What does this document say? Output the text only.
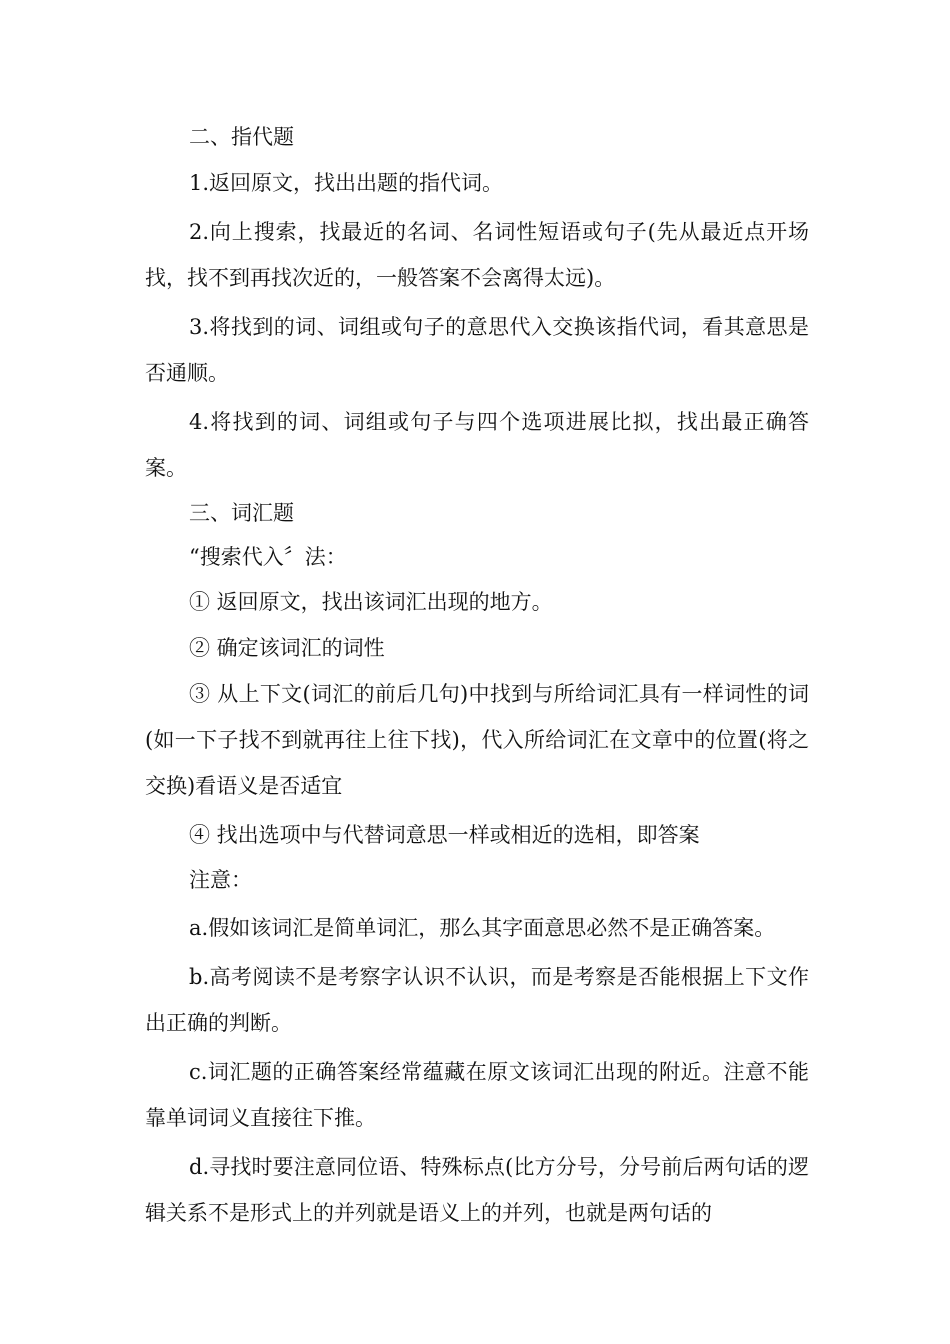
二、指代题

1.返回原文，找出出题的指代词。

2.向上搜索，找最近的名词、名词性短语或句子(先从最近点开场找，找不到再找次近的，一般答案不会离得太远)。

3.将找到的词、词组或句子的意思代入交换该指代词，看其意思是否通顺。

4.将找到的词、词组或句子与四个选项进展比拟，找出最正确答案。

三、词汇题

“搜索代入〞法：

① 返回原文，找出该词汇出现的地方。

② 确定该词汇的词性

③ 从上下文(词汇的前后几句)中找到与所给词汇具有一样词性的词(如一下子找不到就再往上往下找)，代入所给词汇在文章中的位置(将之交换)看语义是否适宜

④ 找出选项中与代替词意思一样或相近的选相，即答案

注意：

a.假如该词汇是简单词汇，那么其字面意思必然不是正确答案。

b.高考阅读不是考察字认识不认识，而是考察是否能根据上下文作出正确的判断。

c.词汇题的正确答案经常蕴藏在原文该词汇出现的附近。注意不能靠单词词义直接往下推。

d.寻找时要注意同位语、特殊标点(比方分号，分号前后两句话的逻辑关系不是形式上的并列就是语义上的并列，也就是两句话的
